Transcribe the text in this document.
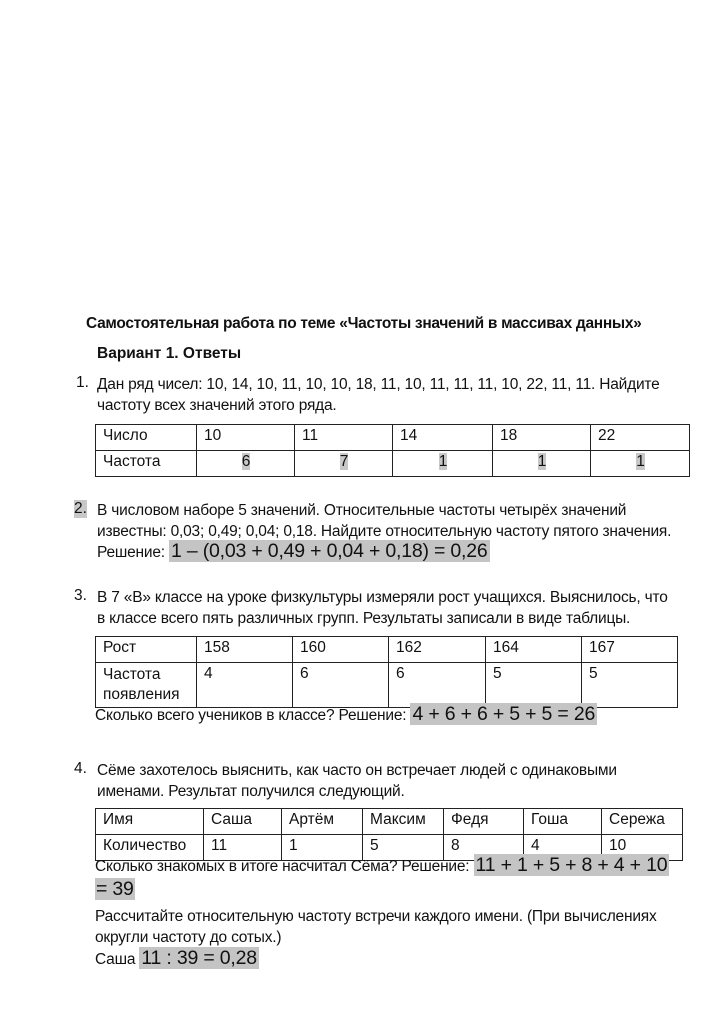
Самостоятельная работа по теме «Частоты значений в массивах данных»
Вариант 1. Ответы
1. Дан ряд чисел: 10, 14, 10, 11, 10, 10, 18, 11, 10, 11, 11, 11, 10, 22, 11, 11. Найдите
частоту всех значений этого ряда.
Число	10	11	14	18	22
Частота	6	7	1	1	1
2. В числовом наборе 5 значений. Относительные частоты четырёх значений
известны: 0,03; 0,49; 0,04; 0,18. Найдите относительную частоту пятого значения.
Решение: 1 – (0,03 + 0,49 + 0,04 + 0,18) = 0,26
3. В 7 «В» классе на уроке физкультуры измеряли рост учащихся. Выяснилось, что
в классе всего пять различных групп. Результаты записали в виде таблицы.
Рост	158	160	162	164	167
Частота
появления	4	6	6	5	5
Сколько всего учеников в классе? Решение: 4 + 6 + 6 + 5 + 5 = 26
4. Сёме захотелось выяснить, как часто он встречает людей с одинаковыми
именами. Результат получился следующий.
Имя	Саша	Артём	Максим	Федя	Гоша	Сережа
Количество	11	1	5	8	4	10
Сколько знакомых в итоге насчитал Сёма? Решение: 11 + 1 + 5 + 8 + 4 + 10
= 39
Рассчитайте относительную частоту встречи каждого имени. (При вычислениях
округли частоту до сотых.)
Саша 11 : 39 = 0,28
